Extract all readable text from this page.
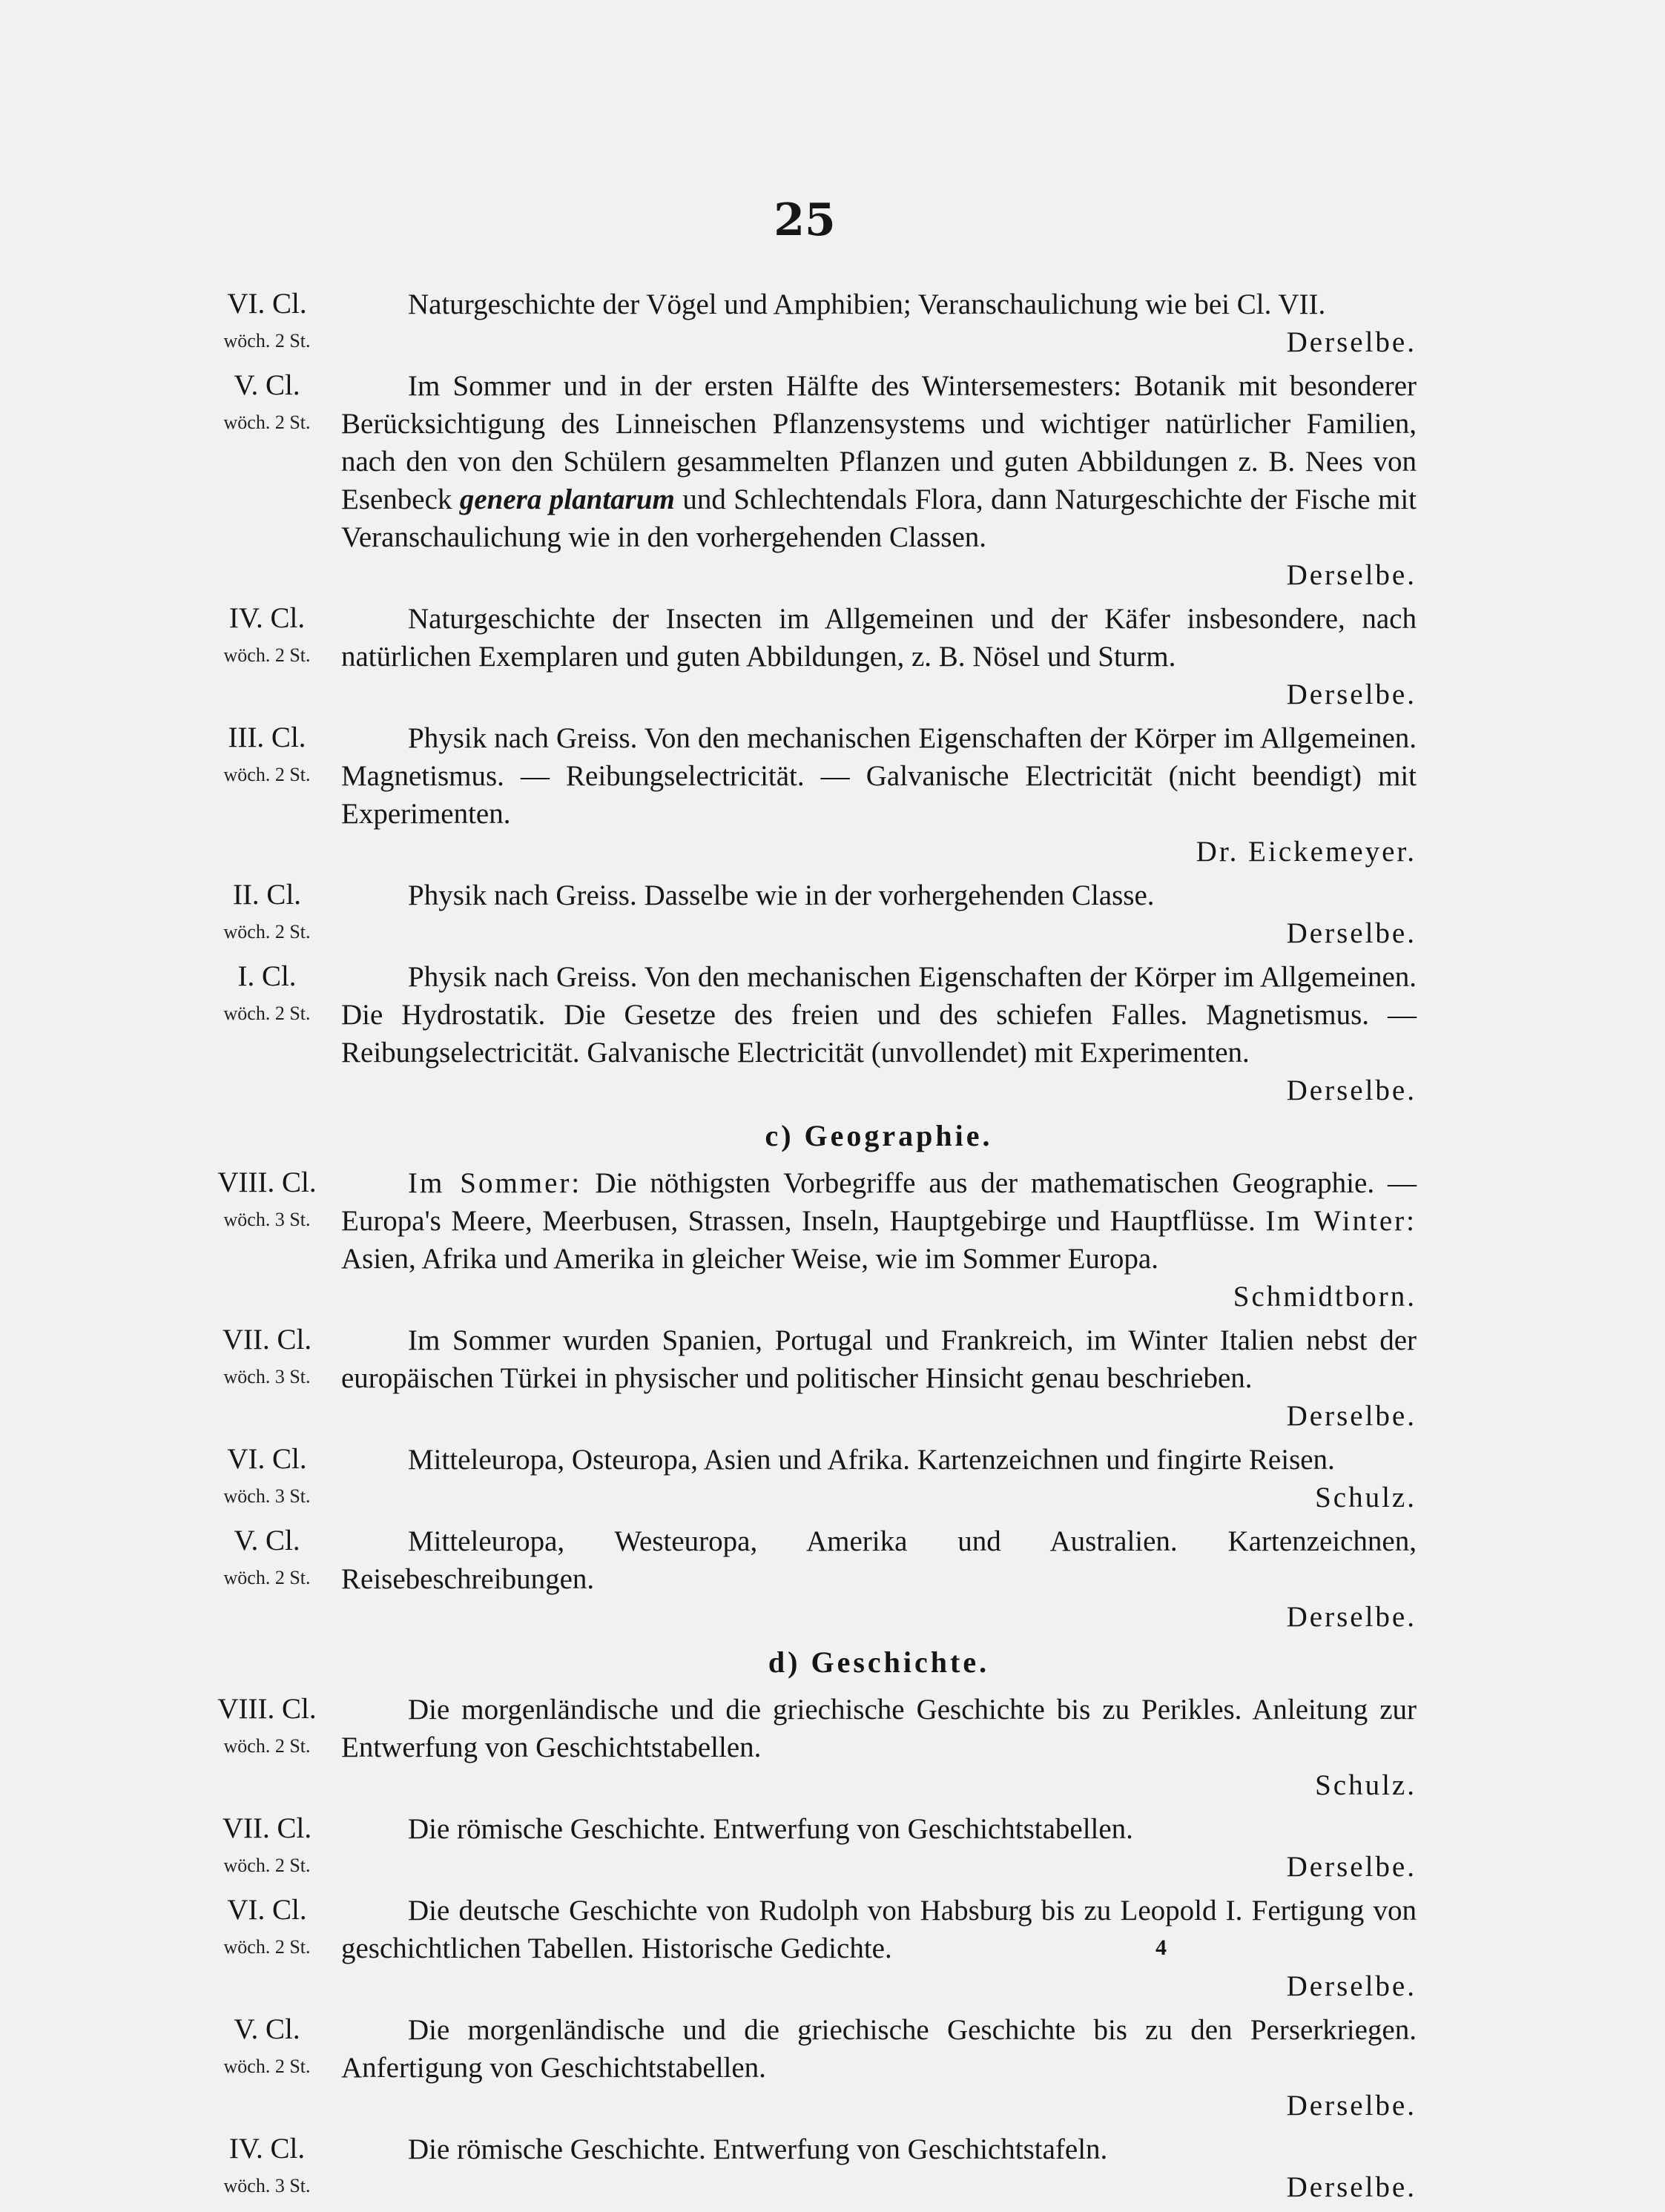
25
VI. Cl.
wöch. 2 St.
Naturgeschichte der Vögel und Amphibien; Veranschaulichung wie bei Cl. VII.
Derselbe.
V. Cl.
wöch. 2 St.
Im Sommer und in der ersten Hälfte des Wintersemesters: Botanik mit besonderer Berücksichtigung des Linneischen Pflanzensystems und wichtiger natürlicher Familien, nach den von den Schülern gesammelten Pflanzen und guten Abbildungen z. B. Nees von Esenbeck genera plantarum und Schlechtendals Flora, dann Naturgeschichte der Fische mit Veranschaulichung wie in den vorhergehenden Classen.
Derselbe.
IV. Cl.
wöch. 2 St.
Naturgeschichte der Insecten im Allgemeinen und der Käfer insbesondere, nach natürlichen Exemplaren und guten Abbildungen, z. B. Nösel und Sturm.
Derselbe.
III. Cl.
wöch. 2 St.
Physik nach Greiss. Von den mechanischen Eigenschaften der Körper im Allgemeinen. Magnetismus. — Reibungselectricität. — Galvanische Electricität (nicht beendigt) mit Experimenten.
Dr. Eickemeyer.
II. Cl.
wöch. 2 St.
Physik nach Greiss. Dasselbe wie in der vorhergehenden Classe.
Derselbe.
I. Cl.
wöch. 2 St.
Physik nach Greiss. Von den mechanischen Eigenschaften der Körper im Allgemeinen. Die Hydrostatik. Die Gesetze des freien und des schiefen Falles. Magnetismus. — Reibungselectricität. Galvanische Electricität (unvollendet) mit Experimenten.
Derselbe.
c) Geographie.
VIII. Cl.
wöch. 3 St.
Im Sommer: Die nöthigsten Vorbegriffe aus der mathematischen Geographie. — Europa's Meere, Meerbusen, Strassen, Inseln, Hauptgebirge und Hauptflüsse. Im Winter: Asien, Afrika und Amerika in gleicher Weise, wie im Sommer Europa.
Schmidtborn.
VII. Cl.
wöch. 3 St.
Im Sommer wurden Spanien, Portugal und Frankreich, im Winter Italien nebst der europäischen Türkei in physischer und politischer Hinsicht genau beschrieben.
Derselbe.
VI. Cl.
wöch. 3 St.
Mitteleuropa, Osteuropa, Asien und Afrika. Kartenzeichnen und fingirte Reisen.
Schulz.
V. Cl.
wöch. 2 St.
Mitteleuropa, Westeuropa, Amerika und Australien. Kartenzeichnen, Reisebeschreibungen.
Derselbe.
d) Geschichte.
VIII. Cl.
wöch. 2 St.
Die morgenländische und die griechische Geschichte bis zu Perikles. Anleitung zur Entwerfung von Geschichtstabellen.
Schulz.
VII. Cl.
wöch. 2 St.
Die römische Geschichte. Entwerfung von Geschichtstabellen.
Derselbe.
VI. Cl.
wöch. 2 St.
Die deutsche Geschichte von Rudolph von Habsburg bis zu Leopold I. Fertigung von geschichtlichen Tabellen. Historische Gedichte.
Derselbe.
V. Cl.
wöch. 2 St.
Die morgenländische und die griechische Geschichte bis zu den Perserkriegen. Anfertigung von Geschichtstabellen.
Derselbe.
IV. Cl.
wöch. 3 St.
Die römische Geschichte. Entwerfung von Geschichtstafeln.
Derselbe.
4
